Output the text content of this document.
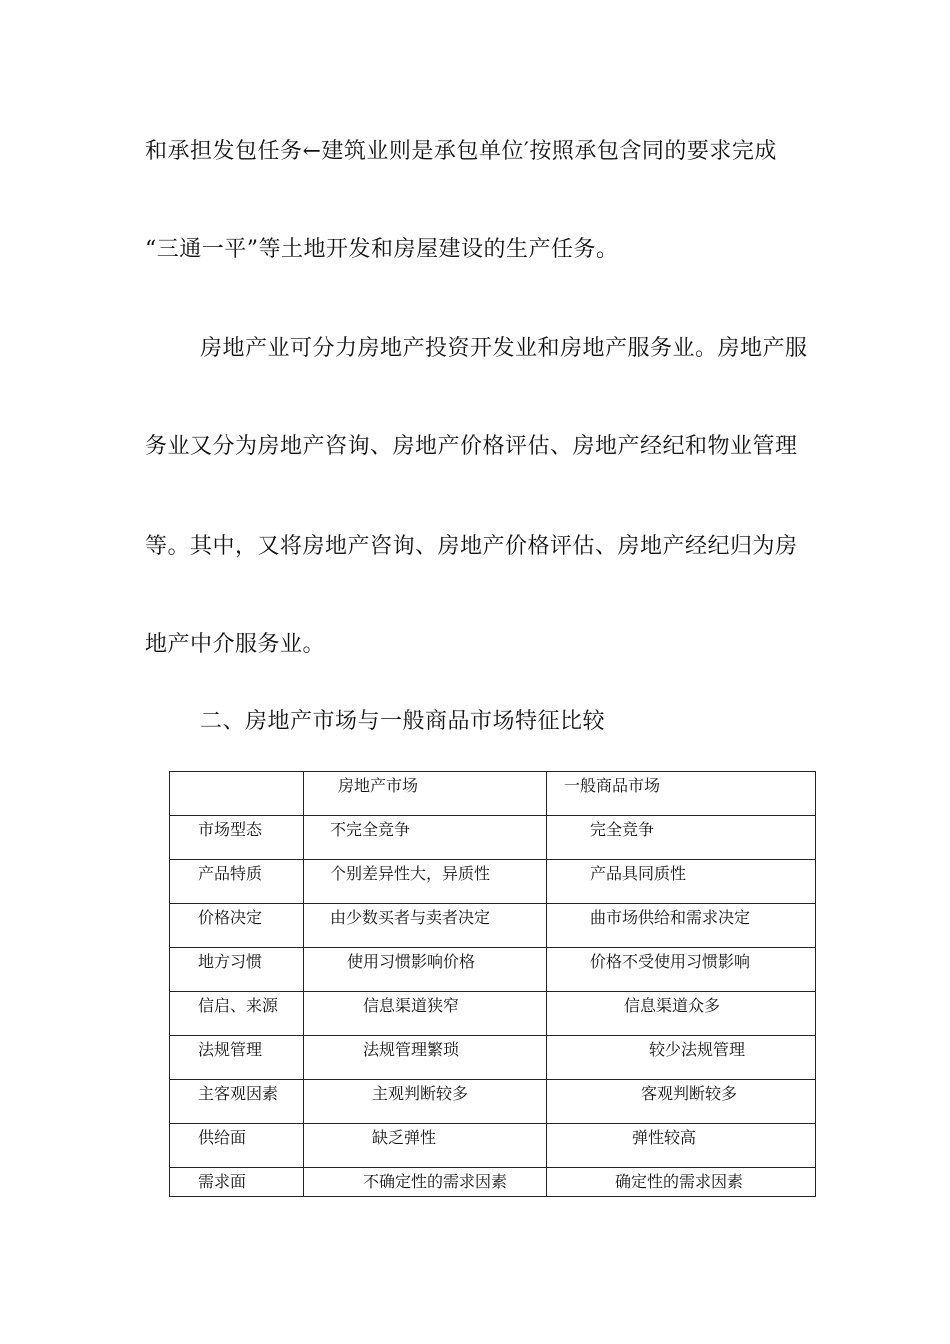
和承担发包任务←建筑业则是承包单位′按照承包含同的要求完成
“三通一平”等土地开发和房屋建设的生产任务。
房地产业可分力房地产投资开发业和房地产服务业。房地产服
务业又分为房地产咨询、房地产价格评估、房地产经纪和物业管理
等。其中，又将房地产咨询、房地产价格评估、房地产经纪归为房
地产中介服务业。
二、房地产市场与一般商品市场特征比较
	房地产市场	一般商品市场
市场型态	不完全竞争	完全竞争
产品特质	个别差异性大，异质性	产品具同质性
价格决定	由少数买者与卖者决定	曲市场供给和需求决定
地方习惯	使用习惯影响价格	价格不受使用习惯影响
信启、来源	信息渠道狭窄	信息渠道众多
法规管理	法规管理繁琐	较少法规管理
主客观因素	主观判断较多	客观判断较多
供给面	缺乏弹性	弹性较高
需求面	不确定性的需求因素	确定性的需求因素
